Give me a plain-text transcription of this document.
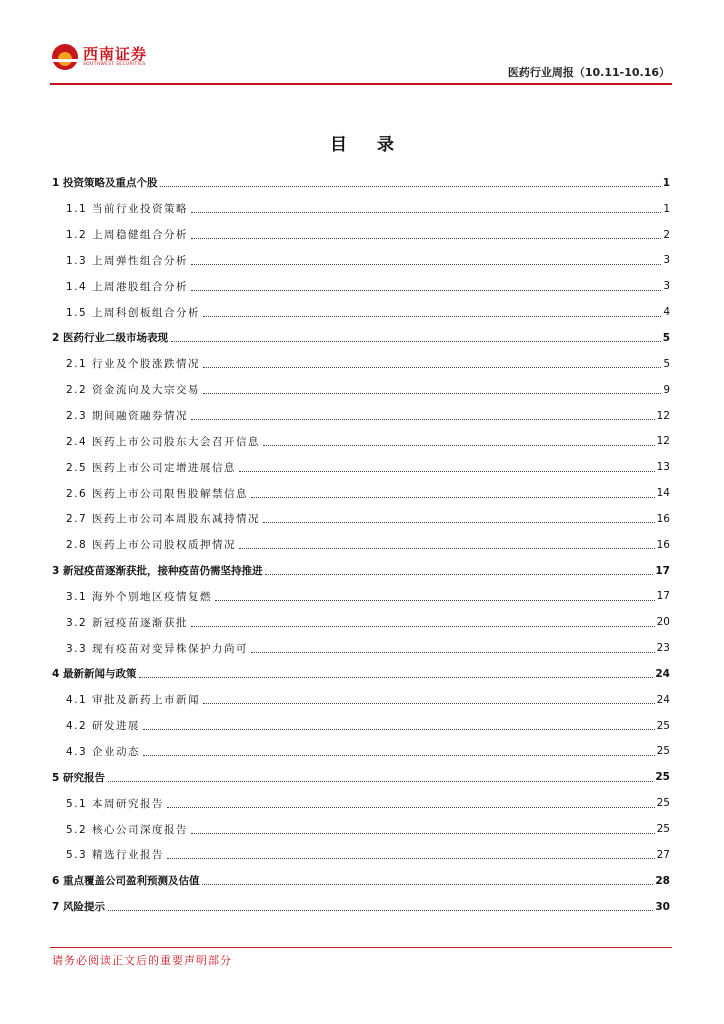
西南证券
SOUTHWEST SECURITIES
医药行业周报（10.11-10.16）
目 录
1 投资策略及重点个股	1
1.1 当前行业投资策略	1
1.2 上周稳健组合分析	2
1.3 上周弹性组合分析	3
1.4 上周港股组合分析	3
1.5 上周科创板组合分析	4
2 医药行业二级市场表现	5
2.1 行业及个股涨跌情况	5
2.2 资金流向及大宗交易	9
2.3 期间融资融券情况	12
2.4 医药上市公司股东大会召开信息	12
2.5 医药上市公司定增进展信息	13
2.6 医药上市公司限售股解禁信息	14
2.7 医药上市公司本周股东减持情况	16
2.8 医药上市公司股权质押情况	16
3 新冠疫苗逐渐获批，接种疫苗仍需坚持推进	17
3.1 海外个别地区疫情复燃	17
3.2 新冠疫苗逐渐获批	20
3.3 现有疫苗对变异株保护力尚可	23
4 最新新闻与政策	24
4.1 审批及新药上市新闻	24
4.2 研发进展	25
4.3 企业动态	25
5 研究报告	25
5.1 本周研究报告	25
5.2 核心公司深度报告	25
5.3 精选行业报告	27
6 重点覆盖公司盈利预测及估值	28
7 风险提示	30
请务必阅读正文后的重要声明部分
